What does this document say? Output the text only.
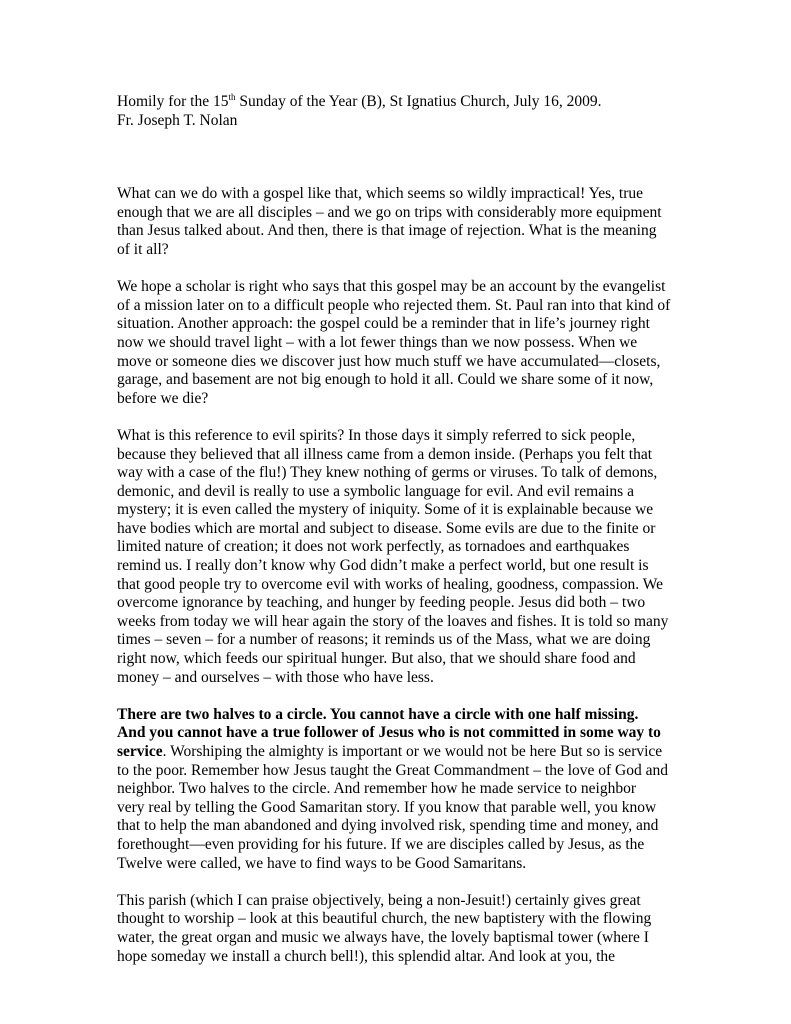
Homily for the 15th Sunday of the Year (B), St Ignatius Church, July 16, 2009.

Fr. Joseph T. Nolan

What can we do with a gospel like that, which seems so wildly impractical! Yes, true
enough that we are all disciples – and we go on trips with considerably more equipment
than Jesus talked about. And then, there is that image of rejection. What is the meaning
of it all?

We hope a scholar is right who says that this gospel may be an account by the evangelist
of a mission later on to a difficult people who rejected them. St. Paul ran into that kind of
situation. Another approach: the gospel could be a reminder that in life’s journey right
now we should travel light – with a lot fewer things than we now possess. When we
move or someone dies we discover just how much stuff we have accumulated—closets,
garage, and basement are not big enough to hold it all. Could we share some of it now,
before we die?

What is this reference to evil spirits? In those days it simply referred to sick people,
because they believed that all illness came from a demon inside. (Perhaps you felt that
way with a case of the flu!) They knew nothing of germs or viruses. To talk of demons,
demonic, and devil is really to use a symbolic language for evil. And evil remains a
mystery; it is even called the mystery of iniquity. Some of it is explainable because we
have bodies which are mortal and subject to disease. Some evils are due to the finite or
limited nature of creation; it does not work perfectly, as tornadoes and earthquakes
remind us. I really don’t know why God didn’t make a perfect world, but one result is
that good people try to overcome evil with works of healing, goodness, compassion. We
overcome ignorance by teaching, and hunger by feeding people. Jesus did both – two
weeks from today we will hear again the story of the loaves and fishes. It is told so many
times – seven – for a number of reasons; it reminds us of the Mass, what we are doing
right now, which feeds our spiritual hunger. But also, that we should share food and
money – and ourselves – with those who have less.

There are two halves to a circle. You cannot have a circle with one half missing.
And you cannot have a true follower of Jesus who is not committed in some way to
service. Worshiping the almighty is important or we would not be here But so is service
to the poor. Remember how Jesus taught the Great Commandment – the love of God and
neighbor. Two halves to the circle. And remember how he made service to neighbor
very real by telling the Good Samaritan story. If you know that parable well, you know
that to help the man abandoned and dying involved risk, spending time and money, and
forethought—even providing for his future. If we are disciples called by Jesus, as the
Twelve were called, we have to find ways to be Good Samaritans.

This parish (which I can praise objectively, being a non-Jesuit!) certainly gives great
thought to worship – look at this beautiful church, the new baptistery with the flowing
water, the great organ and music we always have, the lovely baptismal tower (where I
hope someday we install a church bell!), this splendid altar. And look at you, the
